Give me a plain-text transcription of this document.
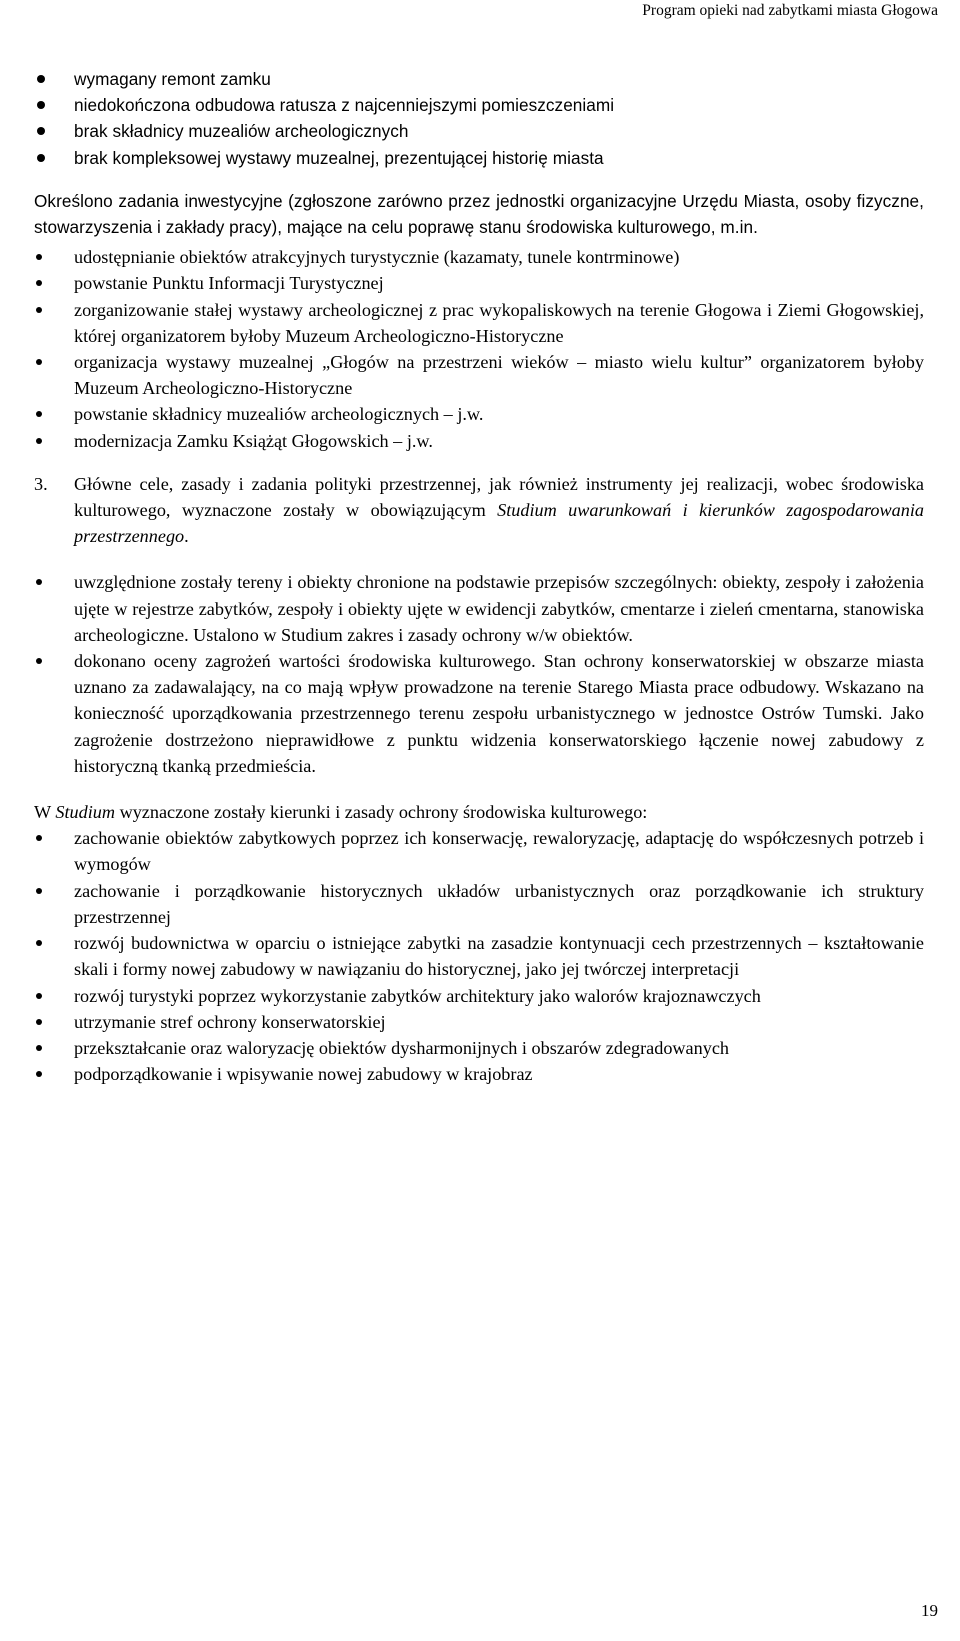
Program opieki nad zabytkami miasta Głogowa
wymagany remont zamku
niedokończona odbudowa ratusza z najcenniejszymi pomieszczeniami
brak składnicy muzealiów archeologicznych
brak kompleksowej wystawy muzealnej, prezentującej historię miasta

Określono zadania inwestycyjne (zgłoszone zarówno przez jednostki organizacyjne Urzędu Miasta, osoby fizyczne, stowarzyszenia i zakłady pracy), mające na celu poprawę stanu środowiska kulturowego, m.in.

udostępnianie obiektów atrakcyjnych turystycznie (kazamaty, tunele kontrminowe)
powstanie Punktu Informacji Turystycznej
zorganizowanie stałej wystawy archeologicznej z prac wykopaliskowych na terenie Głogowa i Ziemi Głogowskiej, której organizatorem byłoby Muzeum Archeologiczno-Historyczne
organizacja wystawy muzealnej „Głogów na przestrzeni wieków – miasto wielu kultur” organizatorem byłoby Muzeum Archeologiczno-Historyczne
powstanie składnicy muzealiów archeologicznych – j.w.
modernizacja Zamku Książąt Głogowskich – j.w.
3. Główne cele, zasady i zadania polityki przestrzennej, jak również instrumenty jej realizacji, wobec środowiska kulturowego, wyznaczone zostały w obowiązującym Studium uwarunkowań i kierunków zagospodarowania przestrzennego.
uwzględnione zostały tereny i obiekty chronione na podstawie przepisów szczególnych: obiekty, zespoły i założenia ujęte w rejestrze zabytków, zespoły i obiekty ujęte w ewidencji zabytków, cmentarze i zieleń cmentarna, stanowiska archeologiczne. Ustalono w Studium zakres i zasady ochrony w/w obiektów.
dokonano oceny zagrożeń wartości środowiska kulturowego. Stan ochrony konserwatorskiej w obszarze miasta uznano za zadawalający, na co mają wpływ prowadzone na terenie Starego Miasta prace odbudowy. Wskazano na konieczność uporządkowania przestrzennego terenu zespołu urbanistycznego w jednostce Ostrów Tumski. Jako zagrożenie dostrzeżono nieprawidłowe z punktu widzenia konserwatorskiego łączenie nowej zabudowy z historyczną tkanką przedmieścia.

W Studium wyznaczone zostały kierunki i zasady ochrony środowiska kulturowego:

zachowanie obiektów zabytkowych poprzez ich konserwację, rewaloryzację, adaptację do współczesnych potrzeb i wymogów
zachowanie i porządkowanie historycznych układów urbanistycznych oraz porządkowanie ich struktury przestrzennej
rozwój budownictwa w oparciu o istniejące zabytki na zasadzie kontynuacji cech przestrzennych – kształtowanie skali i formy nowej zabudowy w nawiązaniu do historycznej, jako jej twórczej interpretacji
rozwój turystyki poprzez wykorzystanie zabytków architektury jako walorów krajoznawczych
utrzymanie stref ochrony konserwatorskiej
przekształcanie oraz waloryzację obiektów dysharmonijnych i obszarów zdegradowanych
podporządkowanie i wpisywanie nowej zabudowy w krajobraz
19
